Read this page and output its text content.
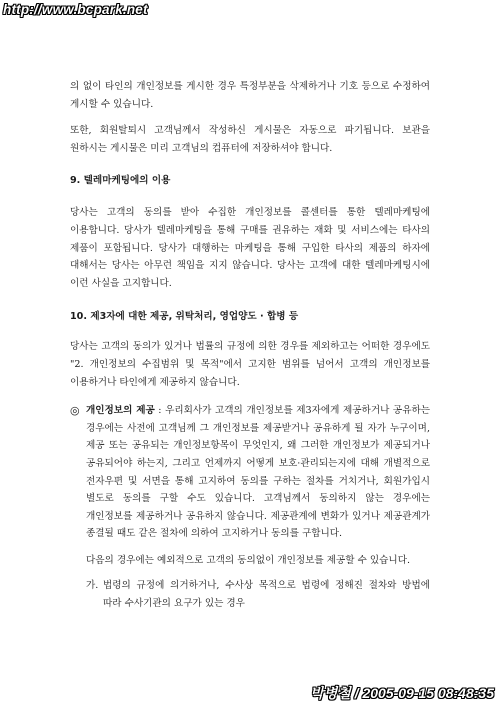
http://www.bcpark.net

의 없이 타인의 개인정보를 게시한 경우 특정부분을 삭제하거나 기호 등으로 수정하여 게시할 수 있습니다.

또한, 회원탈퇴시 고객님께서 작성하신 게시물은 자동으로 파기됩니다. 보관을 원하시는 게시물은 미리 고객님의 컴퓨터에 저장하셔야 합니다.

9. 텔레마케팅에의 이용

당사는 고객의 동의를 받아 수집한 개인정보를 콜센터를 통한 텔레마케팅에 이용합니다. 당사가 텔레마케팅을 통해 구매를 권유하는 재화 및 서비스에는 타사의 제품이 포함됩니다. 당사가 대행하는 마케팅을 통해 구입한 타사의 제품의 하자에 대해서는 당사는 아무런 책임을 지지 않습니다. 당사는 고객에 대한 텔레마케팅시에 이런 사실을 고지합니다.

10. 제3자에 대한 제공, 위탁처리, 영업양도 · 합병 등

당사는 고객의 동의가 있거나 법률의 규정에 의한 경우를 제외하고는 어떠한 경우에도 "2. 개인정보의 수집범위 및 목적"에서 고지한 범위를 넘어서 고객의 개인정보를 이용하거나 타인에게 제공하지 않습니다.

◎ 개인정보의 제공 : 우리회사가 고객의 개인정보를 제3자에게 제공하거나 공유하는 경우에는 사전에 고객님께 그 개인정보를 제공받거나 공유하게 될 자가 누구이며, 제공 또는 공유되는 개인정보항목이 무엇인지, 왜 그러한 개인정보가 제공되거나 공유되어야 하는지, 그리고 언제까지 어떻게 보호·관리되는지에 대해 개별적으로 전자우편 및 서면을 통해 고지하여 동의를 구하는 절차를 거치거나, 회원가입시 별도로 동의를 구할 수도 있습니다. 고객님께서 동의하지 않는 경우에는 개인정보를 제공하거나 공유하지 않습니다. 제공관계에 변화가 있거나 제공관계가 종결될 때도 같은 절차에 의하여 고지하거나 동의를 구합니다.

다음의 경우에는 예외적으로 고객의 동의없이 개인정보를 제공할 수 있습니다.

가. 법령의 규정에 의거하거나, 수사상 목적으로 법령에 정해진 절차와 방법에 따라 수사기관의 요구가 있는 경우
박병철 / 2005-09-15 08:48:35
